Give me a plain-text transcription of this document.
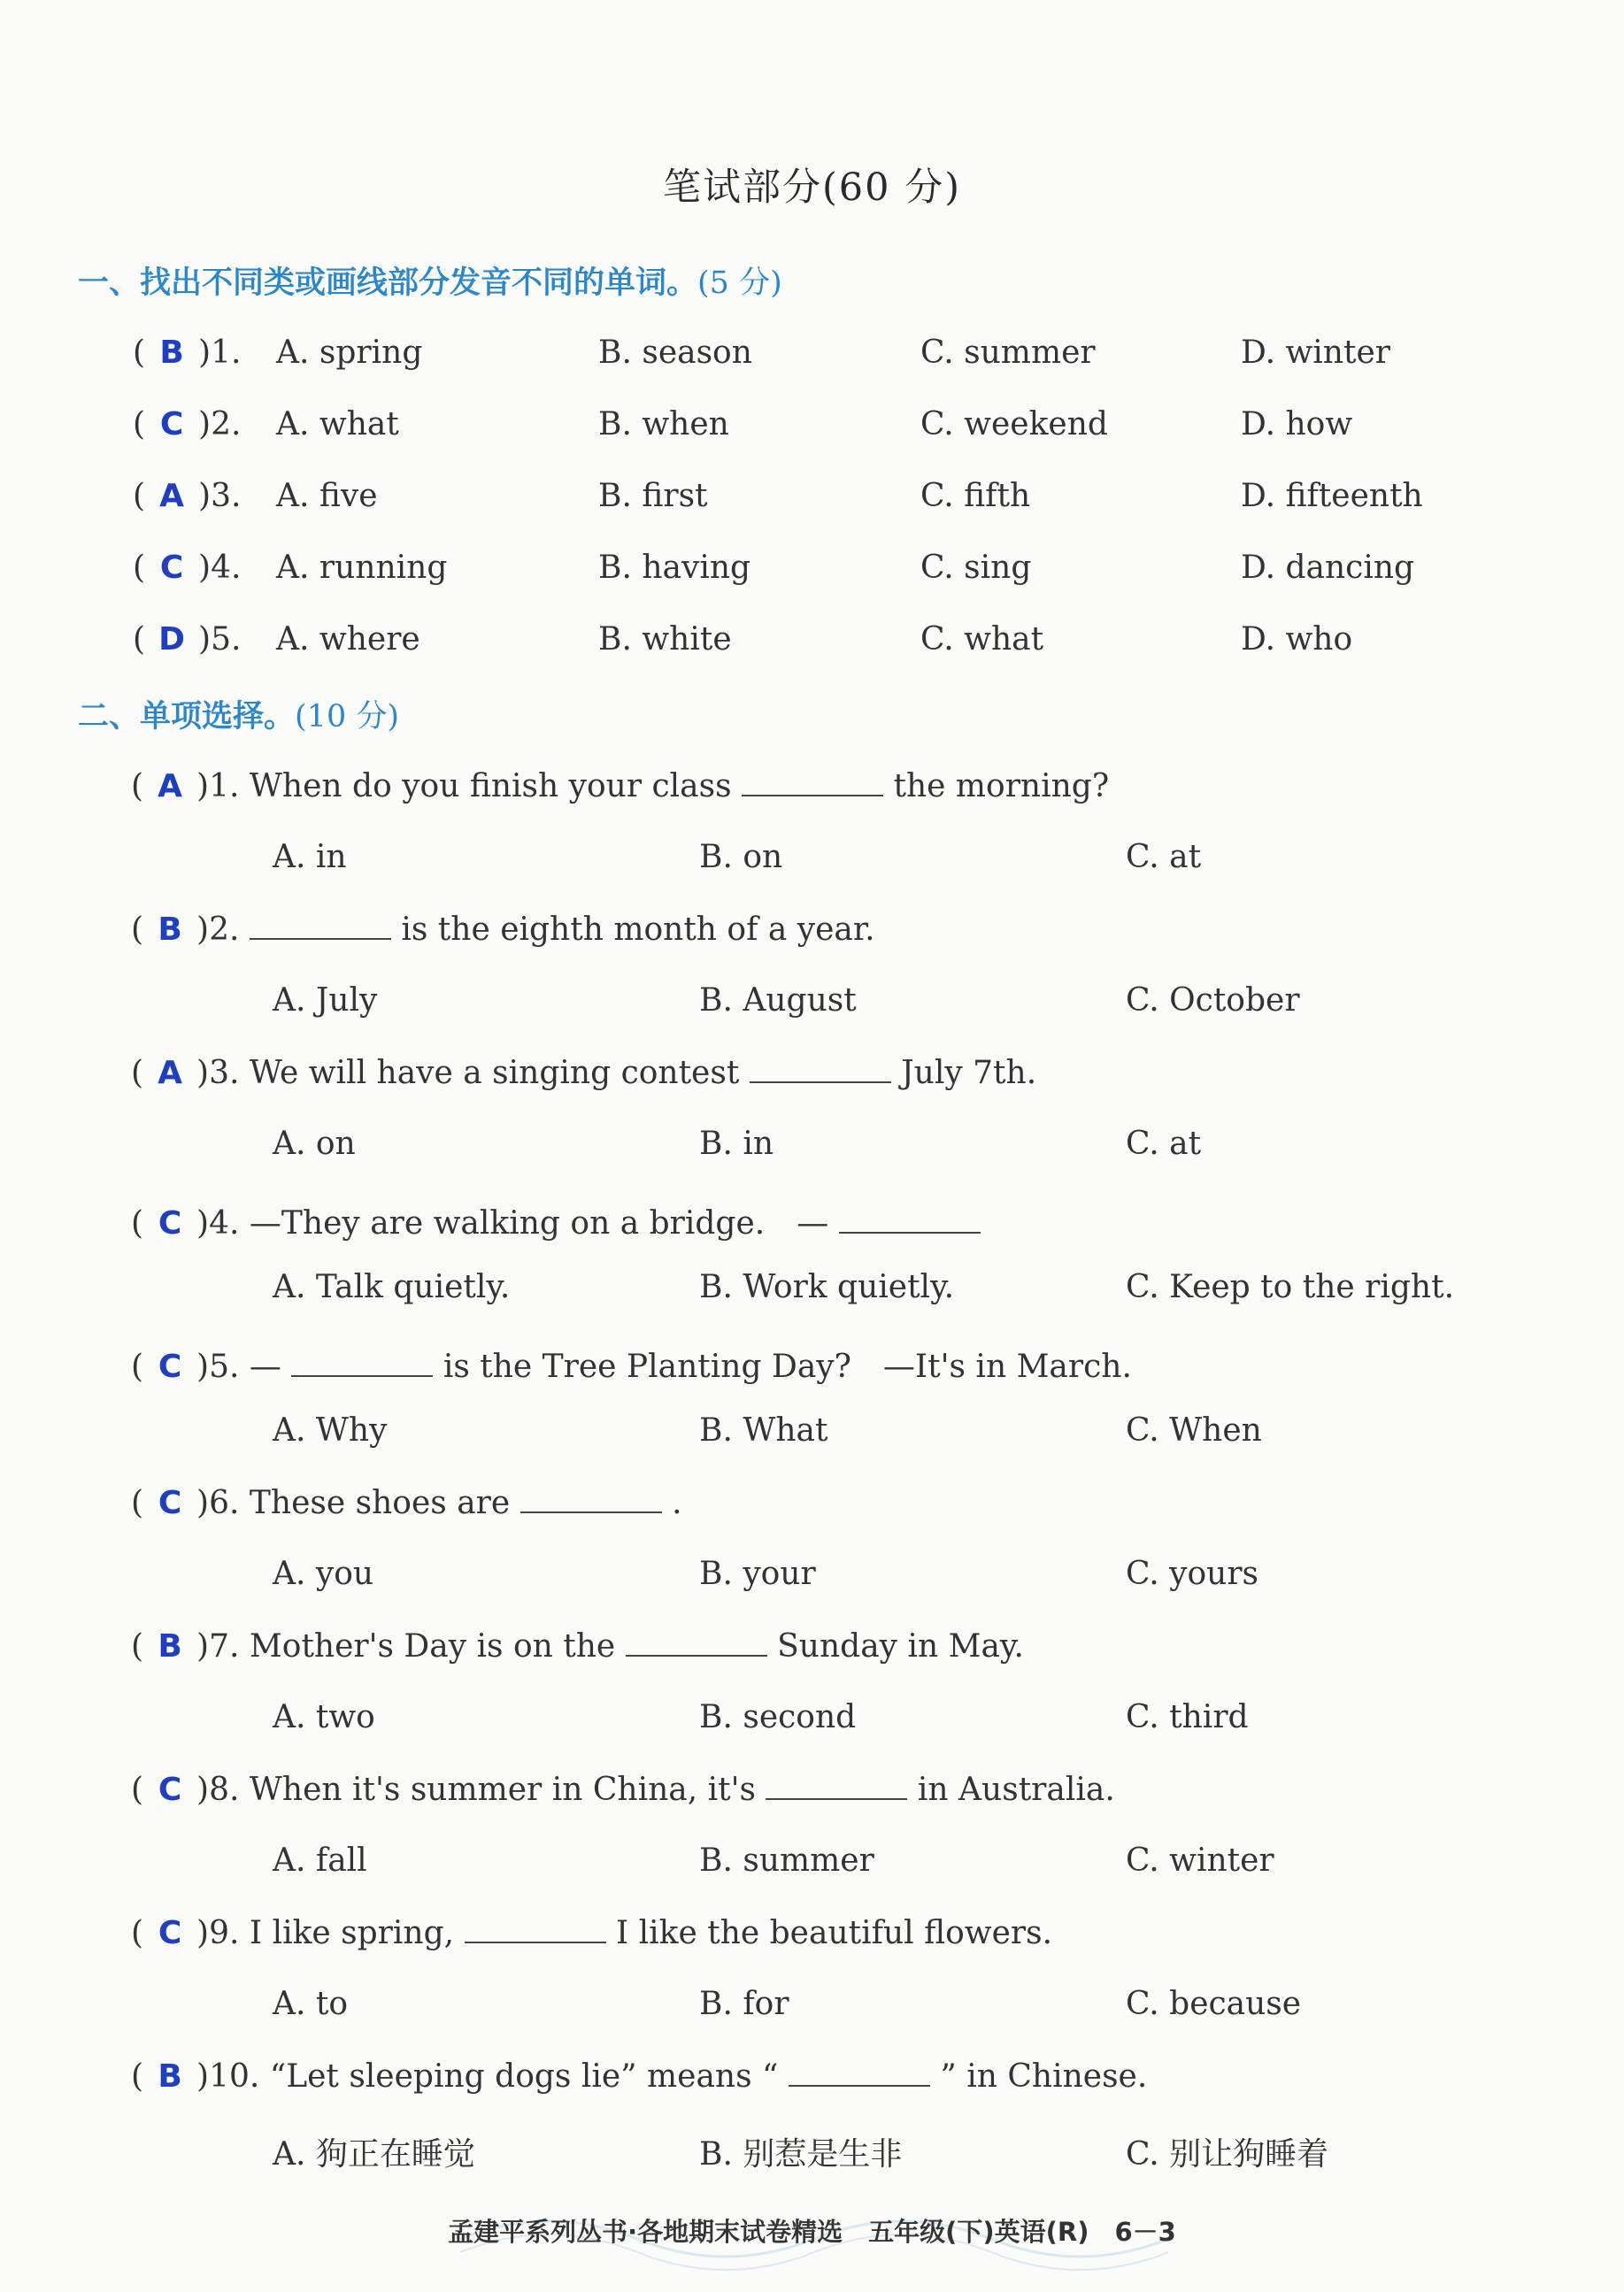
笔试部分(60 分)
一、找出不同类或画线部分发音不同的单词。(5 分)
( B )1. A. spring	B. season	C. summer	D. winter
( C )2. A. what	B. when	C. weekend	D. how
( A )3. A. five	B. first	C. fifth	D. fifteenth
( C )4. A. running	B. having	C. sing	D. dancing
( D )5. A. where	B. white	C. what	D. who
二、单项选择。(10 分)
( A )1. When do you finish your class	the morning?
A. in	B. on	C. at
( B )2.	is the eighth month of a year.
A. July	B. August	C. October
( A )3. We will have a singing contest	July 7th.
A. on	B. in	C. at
( C )4. —They are walking on a bridge.　—
A. Talk quietly.	B. Work quietly.	C. Keep to the right.
( C )5. —	is the Tree Planting Day?　—It's in March.
A. Why	B. What	C. When
( C )6. These shoes are	.
A. you	B. your	C. yours
( B )7. Mother's Day is on the	Sunday in May.
A. two	B. second	C. third
( C )8. When it's summer in China, it's	in Australia.
A. fall	B. summer	C. winter
( C )9. I like spring,	I like the beautiful flowers.
A. to	B. for	C. because
( B )10. “Let sleeping dogs lie” means “	” in Chinese.
A. 狗正在睡觉	B. 别惹是生非	C. 别让狗睡着
孟建平系列丛书·各地期末试卷精选　五年级(下)英语(R)　6－3
